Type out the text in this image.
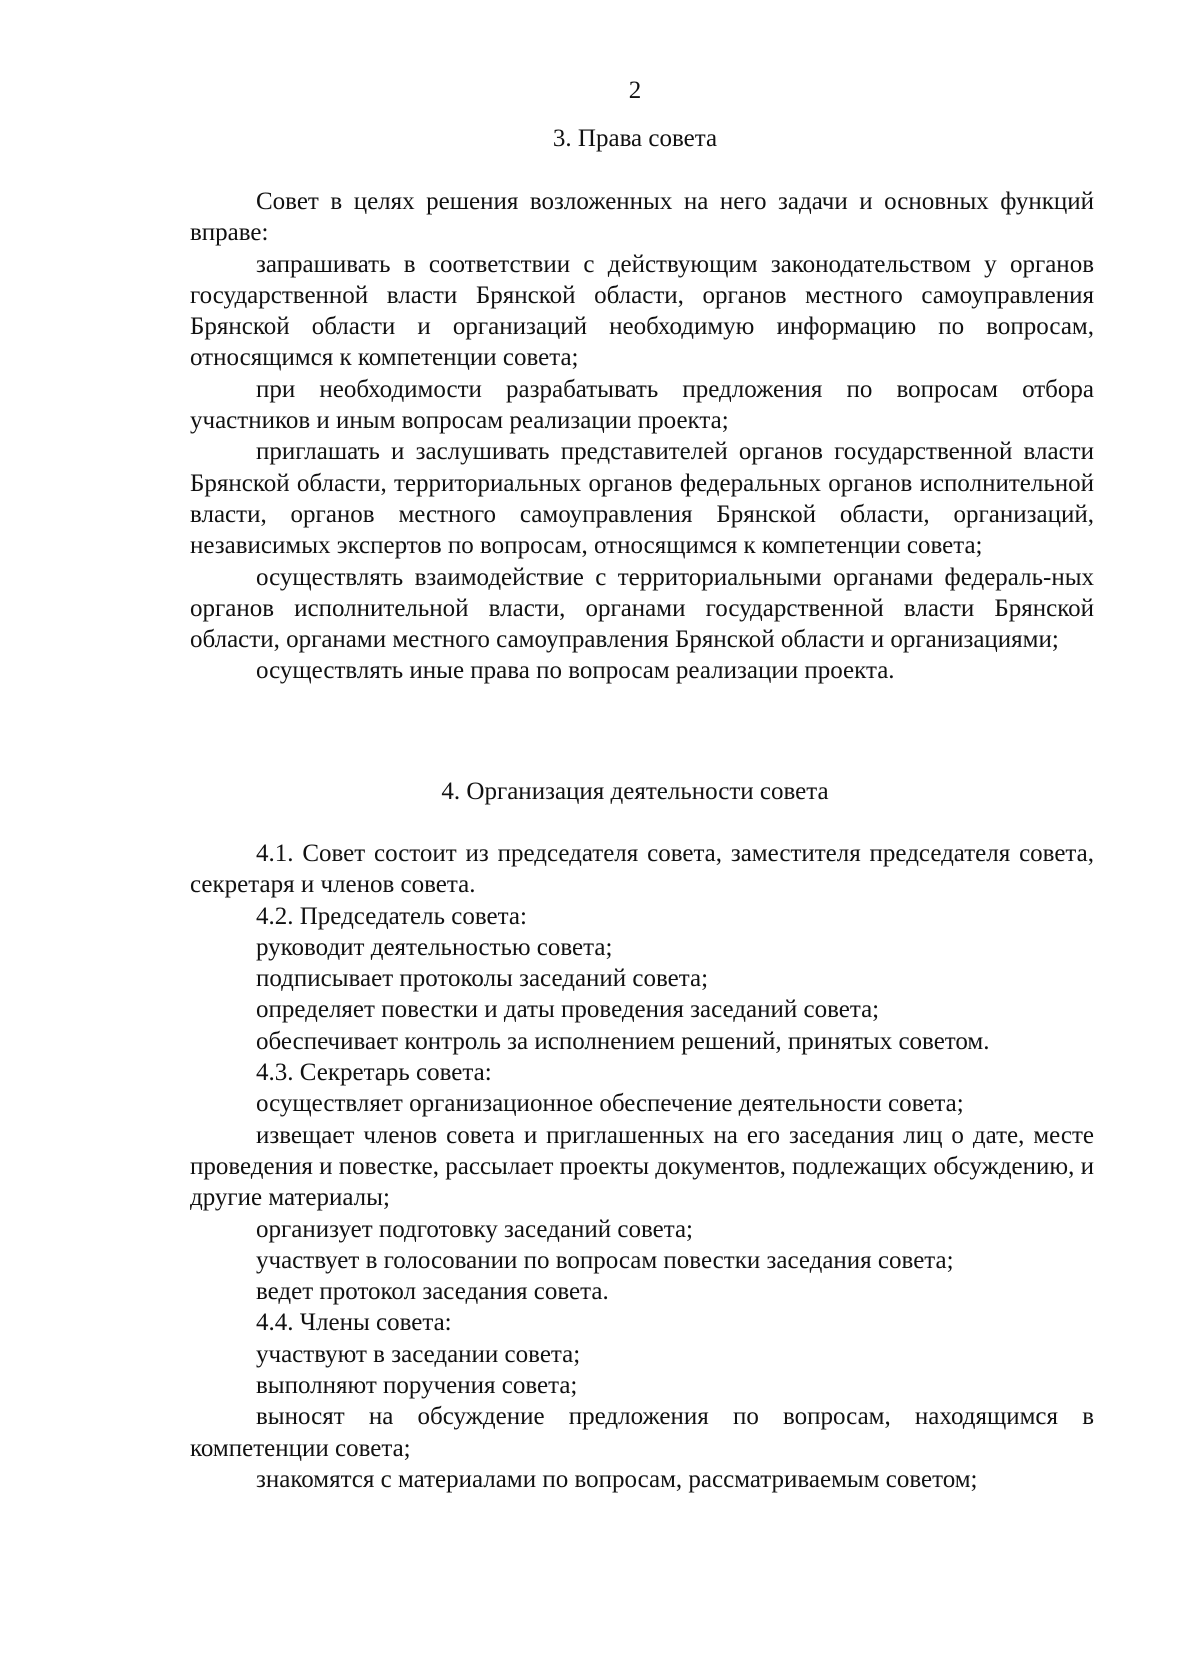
2
3. Права совета

Совет в целях решения возложенных на него задачи и основных функций вправе:

запрашивать в соответствии с действующим законодательством у органов государственной власти Брянской области, органов местного самоуправления Брянской области и организаций необходимую информацию по вопросам, относящимся к компетенции совета;

при необходимости разрабатывать предложения по вопросам отбора участников и иным вопросам реализации проекта;

приглашать и заслушивать представителей органов государственной власти Брянской области, территориальных органов федеральных органов исполнительной власти, органов местного самоуправления Брянской области, организаций, независимых экспертов по вопросам, относящимся к компетенции совета;

осуществлять взаимодействие с территориальными органами федераль-ных органов исполнительной власти, органами государственной власти Брянской области, органами местного самоуправления Брянской области и организациями;

осуществлять иные права по вопросам реализации проекта.

4. Организация деятельности совета

4.1. Совет состоит из председателя совета, заместителя председателя совета, секретаря и членов совета.

4.2. Председатель совета:

руководит деятельностью совета;

подписывает протоколы заседаний совета;

определяет повестки и даты проведения заседаний совета;

обеспечивает контроль за исполнением решений, принятых советом.

4.3. Секретарь совета:

осуществляет организационное обеспечение деятельности совета;

извещает членов совета и приглашенных на его заседания лиц о дате, месте проведения и повестке, рассылает проекты документов, подлежащих обсуждению, и другие материалы;

организует подготовку заседаний совета;

участвует в голосовании по вопросам повестки заседания совета;

ведет протокол заседания совета.

4.4. Члены совета:

участвуют в заседании совета;

выполняют поручения совета;

выносят на обсуждение предложения по вопросам, находящимся в компетенции совета;

знакомятся с материалами по вопросам, рассматриваемым советом;
